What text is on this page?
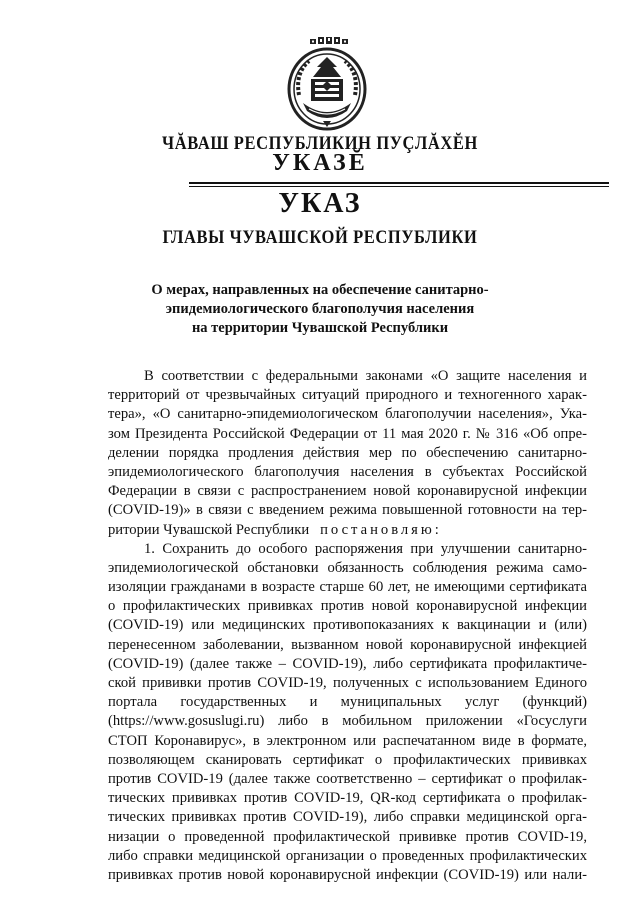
ЧĂВАШ РЕСПУБЛИКИН ПУÇЛĂХĔН
УКАЗĔ
УКАЗ
ГЛАВЫ ЧУВАШСКОЙ РЕСПУБЛИКИ
О мерах, направленных на обеспечение санитарно-
эпидемиологического благополучия населения
на территории Чувашской Республики
В соответствии с федеральными законами «О защите населения и
территорий от чрезвычайных ситуаций природного и техногенного харак-
тера», «О санитарно-эпидемиологическом благополучии населения», Ука-
зом Президента Российской Федерации от 11 мая 2020 г. № 316 «Об опре-
делении порядка продления действия мер по обеспечению санитарно-
эпидемиологического благополучия населения в субъектах Российской
Федерации в связи с распространением новой коронавирусной инфекции
(COVID-19)» в связи с введением режима повышенной готовности на тер-
ритории Чувашской Республики постановляю:
1. Сохранить до особого распоряжения при улучшении санитарно-
эпидемиологической обстановки обязанность соблюдения режима само-
изоляции гражданами в возрасте старше 60 лет, не имеющими сертификата
о профилактических прививках против новой коронавирусной инфекции
(COVID-19) или медицинских противопоказаниях к вакцинации и (или)
перенесенном заболевании, вызванном новой коронавирусной инфекцией
(COVID-19) (далее также – COVID-19), либо сертификата профилактиче-
ской прививки против COVID-19, полученных с использованием Единого
портала государственных и муниципальных услуг (функций)
(https://www.gosuslugi.ru) либо в мобильном приложении «Госуслуги
СТОП Коронавирус», в электронном или распечатанном виде в формате,
позволяющем сканировать сертификат о профилактических прививках
против COVID-19 (далее также соответственно – сертификат о профилак-
тических прививках против COVID-19, QR-код сертификата о профилак-
тических прививках против COVID-19), либо справки медицинской орга-
низации о проведенной профилактической прививке против COVID-19,
либо справки медицинской организации о проведенных профилактических
прививках против новой коронавирусной инфекции (COVID-19) или нали-
